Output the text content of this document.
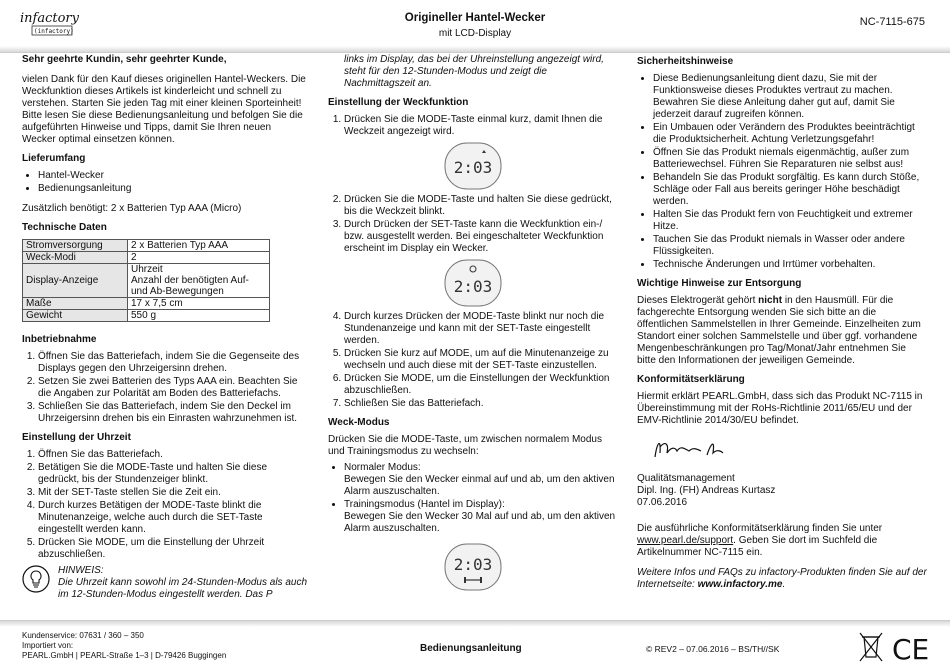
infactory
(infactory)
Origineller Hantel-Wecker
mit LCD-Display
NC-7115-675

Sehr geehrte Kundin, sehr geehrter Kunde,

vielen Dank für den Kauf dieses originellen Hantel-Weckers. Die Weckfunktion dieses Artikels ist kinderleicht und schnell zu verstehen. Starten Sie jeden Tag mit einer kleinen Sporteinheit! Bitte lesen Sie diese Bedienungsanleitung und befolgen Sie die aufgeführten Hinweise und Tipps, damit Sie Ihren neuen Wecker optimal einsetzen können.

Lieferumfang
• Hantel-Wecker
• Bedienungsanleitung

Zusätzlich benötigt: 2 x Batterien Typ AAA (Micro)

Technische Daten
Stromversorgung	2 x Batterien Typ AAA
Weck-Modi	2
Display-Anzeige	Uhrzeit
Anzahl der benötigten Auf- und Ab-Bewegungen
Maße	17 x 7,5 cm
Gewicht	550 g
Inbetriebnahme
1. Öffnen Sie das Batteriefach, indem Sie die Gegenseite des Displays gegen den Uhrzeigersinn drehen.
2. Setzen Sie zwei Batterien des Typs AAA ein. Beachten Sie die Angaben zur Polarität am Boden des Batteriefachs.
3. Schließen Sie das Batteriefach, indem Sie den Deckel im Uhrzeigersinn drehen bis ein Einrasten wahrzunehmen ist.
Einstellung der Uhrzeit
1. Öffnen Sie das Batteriefach.
2. Betätigen Sie die MODE-Taste und halten Sie diese gedrückt, bis der Stundenzeiger blinkt.
3. Mit der SET-Taste stellen Sie die Zeit ein.
4. Durch kurzes Betätigen der MODE-Taste blinkt die Minutenanzeige, welche auch durch die SET-Taste eingestellt werden kann.
5. Drücken Sie MODE, um die Einstellung der Uhrzeit abzuschließen.
HINWEIS:
Die Uhrzeit kann sowohl im 24-Stunden-Modus als auch im 12-Stunden-Modus eingestellt werden. Das P

links im Display, das bei der Uhreinstellung angezeigt wird, steht für den 12-Stunden-Modus und zeigt die Nachmittagszeit an.

Einstellung der Weckfunktion
1. Drücken Sie die MODE-Taste einmal kurz, damit Ihnen die Weckzeit angezeigt wird.
2:03
2. Drücken Sie die MODE-Taste und halten Sie diese gedrückt, bis die Weckzeit blinkt.
3. Durch Drücken der SET-Taste kann die Weckfunktion ein-/ bzw. ausgestellt werden. Bei eingeschalteter Weckfunktion erscheint im Display ein Wecker.
2:03
4. Durch kurzes Drücken der MODE-Taste blinkt nur noch die Stundenanzeige und kann mit der SET-Taste eingestellt werden.
5. Drücken Sie kurz auf MODE, um auf die Minutenanzeige zu wechseln und auch diese mit der SET-Taste einzustellen.
6. Drücken Sie MODE, um die Einstellungen der Weckfunktion abzuschließen.
7. Schließen Sie das Batteriefach.
Weck-Modus

Drücken Sie die MODE-Taste, um zwischen normalem Modus und Trainingsmodus zu wechseln:

• Normaler Modus:
Bewegen Sie den Wecker einmal auf und ab, um den aktiven Alarm auszuschalten.
• Trainingsmodus (Hantel im Display):
Bewegen Sie den Wecker 30 Mal auf und ab, um den aktiven Alarm auszuschalten.
2:03
Sicherheitshinweise
• Diese Bedienungsanleitung dient dazu, Sie mit der Funktionsweise dieses Produktes vertraut zu machen. Bewahren Sie diese Anleitung daher gut auf, damit Sie jederzeit darauf zugreifen können.
• Ein Umbauen oder Verändern des Produktes beeinträchtigt die Produktsicherheit. Achtung Verletzungsgefahr!
• Öffnen Sie das Produkt niemals eigenmächtig, außer zum Batteriewechsel. Führen Sie Reparaturen nie selbst aus!
• Behandeln Sie das Produkt sorgfältig. Es kann durch Stöße, Schläge oder Fall aus bereits geringer Höhe beschädigt werden.
• Halten Sie das Produkt fern von Feuchtigkeit und extremer Hitze.
• Tauchen Sie das Produkt niemals in Wasser oder andere Flüssigkeiten.
• Technische Änderungen und Irrtümer vorbehalten.
Wichtige Hinweise zur Entsorgung

Dieses Elektrogerät gehört nicht in den Hausmüll. Für die fachgerechte Entsorgung wenden Sie sich bitte an die öffentlichen Sammelstellen in Ihrer Gemeinde. Einzelheiten zum Standort einer solchen Sammelstelle und über ggf. vorhandene Mengenbeschränkungen pro Tag/Monat/Jahr entnehmen Sie bitte den Informationen der jeweiligen Gemeinde.

Konformitätserklärung

Hiermit erklärt PEARL.GmbH, dass sich das Produkt NC-7115 in Übereinstimmung mit der RoHs-Richtlinie 2011/65/EU und der EMV-Richtlinie 2014/30/EU befindet.

Qualitätsmanagement
Dipl. Ing. (FH) Andreas Kurtasz
07.06.2016

Die ausführliche Konformitätserklärung finden Sie unter www.pearl.de/support. Geben Sie dort im Suchfeld die Artikelnummer NC-7115 ein.

Weitere Infos und FAQs zu infactory-Produkten finden Sie auf der Internetseite: www.infactory.me.

Kundenservice: 07631 / 360 – 350
Importiert von:
PEARL.GmbH | PEARL-Straße 1–3 | D-79426 Buggingen
Bedienungsanleitung	© REV2 – 07.06.2016 – BS/TH//SK	CE
